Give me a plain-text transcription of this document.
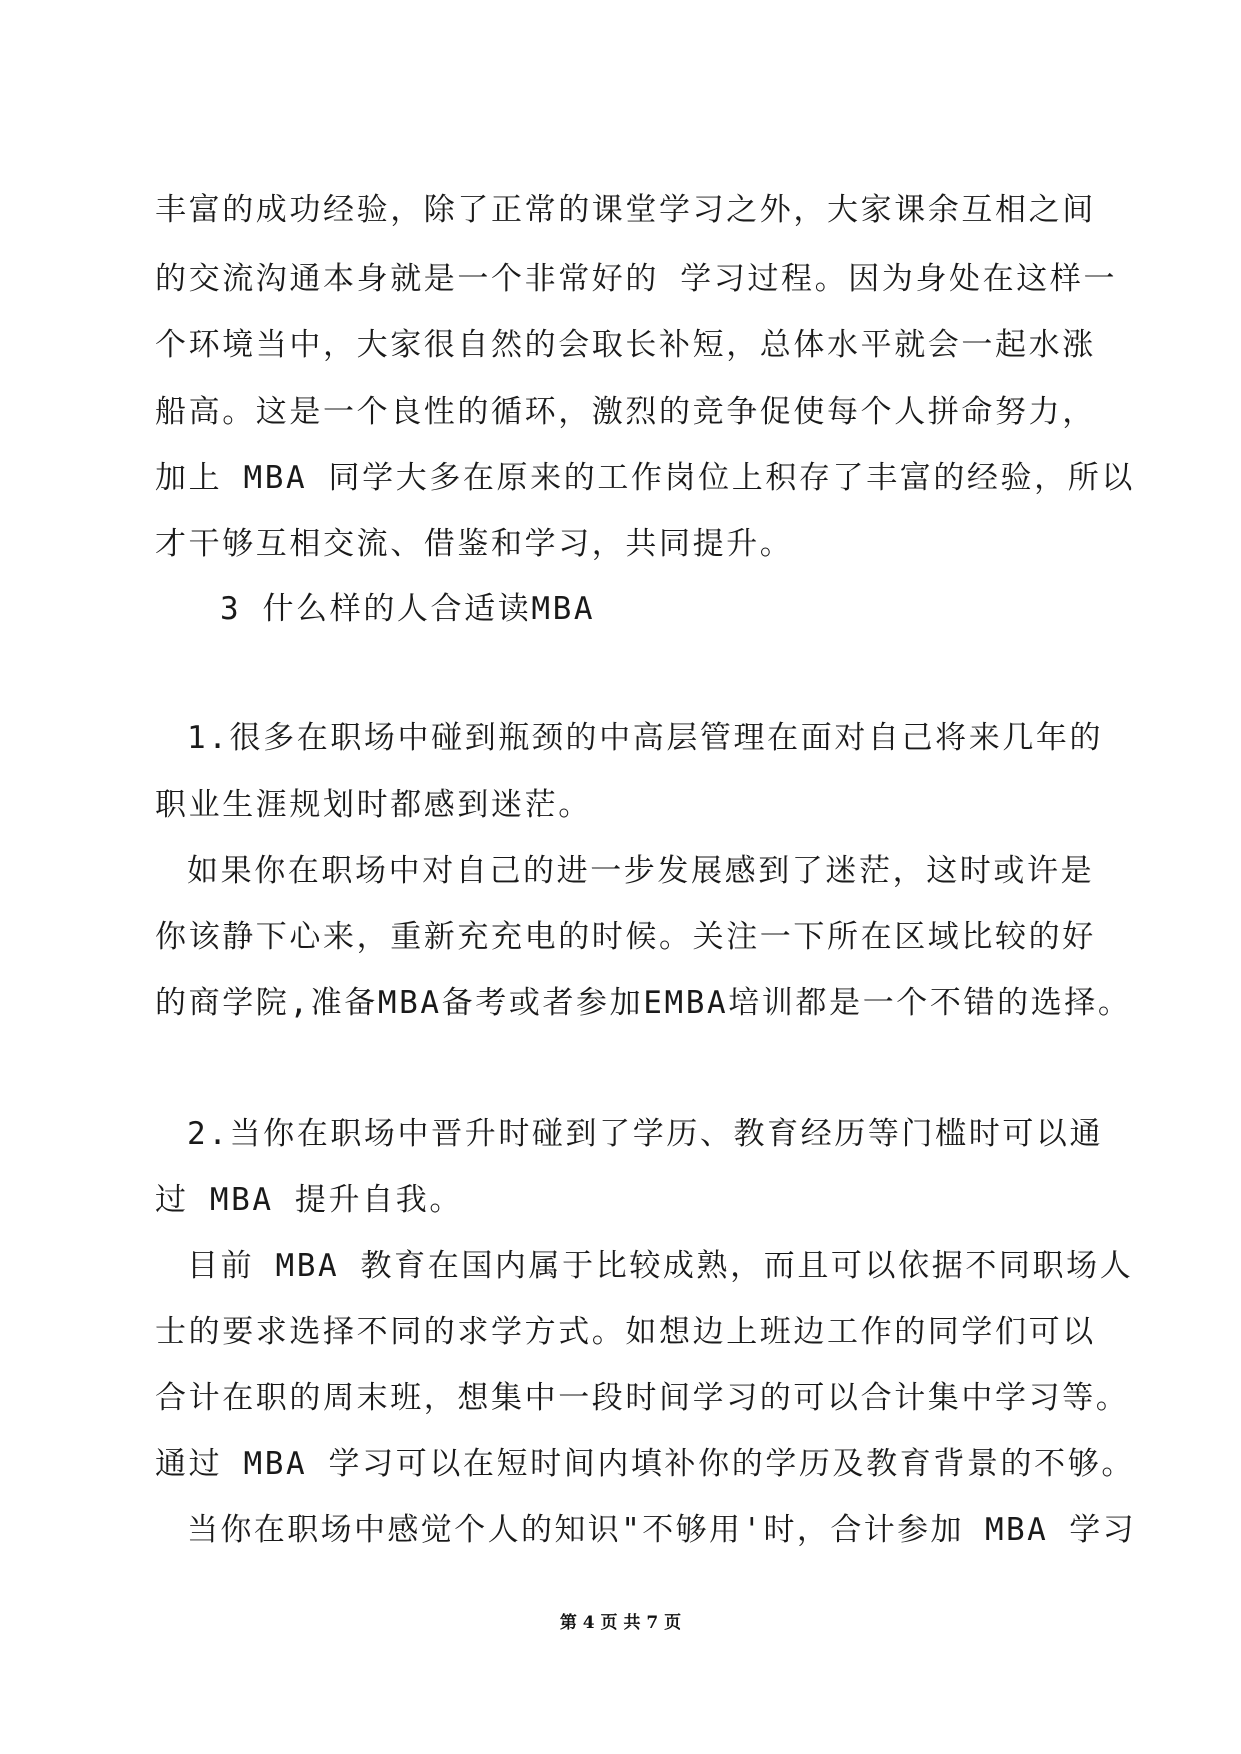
丰富的成功经验，除了正常的课堂学习之外，大家课余互相之间
的交流沟通本身就是一个非常好的 学习过程。因为身处在这样一
个环境当中，大家很自然的会取长补短，总体水平就会一起水涨
船高。这是一个良性的循环，激烈的竞争促使每个人拼命努力，
加上 MBA 同学大多在原来的工作岗位上积存了丰富的经验，所以
才干够互相交流、借鉴和学习，共同提升。
3 什么样的人合适读MBA
1.很多在职场中碰到瓶颈的中高层管理在面对自己将来几年的
职业生涯规划时都感到迷茫。
如果你在职场中对自己的进一步发展感到了迷茫，这时或许是
你该静下心来，重新充充电的时候。关注一下所在区域比较的好
的商学院,准备MBA备考或者参加EMBA培训都是一个不错的选择。
2.当你在职场中晋升时碰到了学历、教育经历等门槛时可以通
过 MBA 提升自我。
目前 MBA 教育在国内属于比较成熟，而且可以依据不同职场人
士的要求选择不同的求学方式。如想边上班边工作的同学们可以
合计在职的周末班，想集中一段时间学习的可以合计集中学习等。
通过 MBA 学习可以在短时间内填补你的学历及教育背景的不够。
当你在职场中感觉个人的知识"不够用'时，合计参加 MBA 学习
第 4 页 共 7 页
